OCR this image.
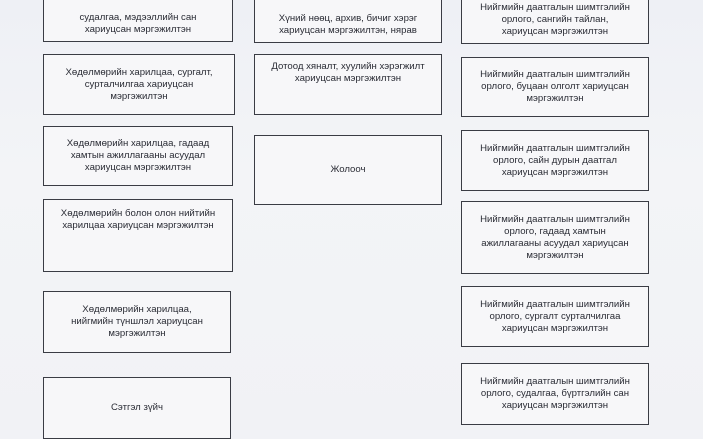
судалгаа, мэдээллийн сан
хариуцсан мэргэжилтэн
Хөдөлмөрийн харилцаа, сургалт,
сурталчилгаа хариуцсан
мэргэжилтэн
Хөдөлмөрийн харилцаа, гадаад
хамтын ажиллагааны асуудал
хариуцсан мэргэжилтэн
Хөдөлмөрийн болон олон нийтийн
харилцаа хариуцсан мэргэжилтэн
Хөдөлмөрийн харилцаа,
нийгмийн түншлэл хариуцсан
мэргэжилтэн
Сэтгэл зүйч
Хүний нөөц, архив, бичиг хэрэг
хариуцсан мэргэжилтэн, нярав
Дотоод хяналт, хуулийн хэрэгжилт
хариуцсан мэргэжилтэн
Жолооч
Нийгмийн даатгалын шимтгэлийн
орлого, сангийн тайлан,
хариуцсан мэргэжилтэн
Нийгмийн даатгалын шимтгэлийн
орлого, буцаан олголт хариуцсан
мэргэжилтэн
Нийгмийн даатгалын шимтгэлийн
орлого, сайн дурын даатгал
хариуцсан мэргэжилтэн
Нийгмийн даатгалын шимтгэлийн
орлого, гадаад хамтын
ажиллагааны асуудал хариуцсан
мэргэжилтэн
Нийгмийн даатгалын шимтгэлийн
орлого, сургалт сурталчилгаа
хариуцсан мэргэжилтэн
Нийгмийн даатгалын шимтгэлийн
орлого, судалгаа, бүртгэлийн сан
хариуцсан мэргэжилтэн
